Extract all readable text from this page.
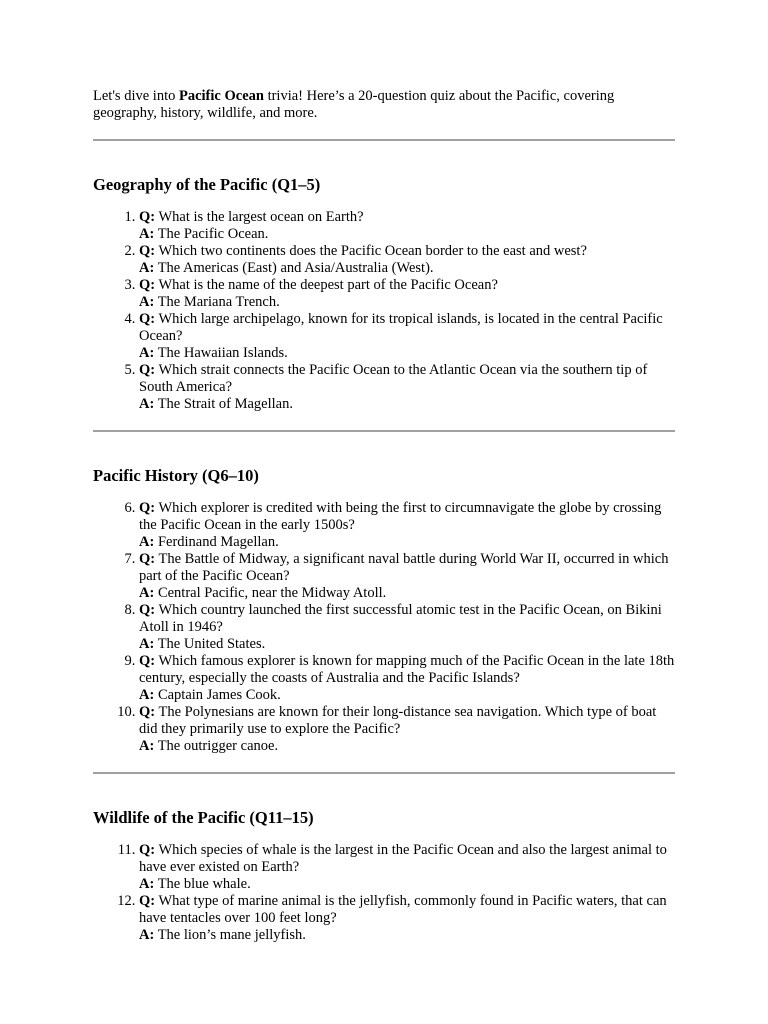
Let's dive into Pacific Ocean trivia! Here’s a 20-question quiz about the Pacific, covering geography, history, wildlife, and more.

Geography of the Pacific (Q1–5)
1. Q: What is the largest ocean on Earth?
A: The Pacific Ocean.
2. Q: Which two continents does the Pacific Ocean border to the east and west?
A: The Americas (East) and Asia/Australia (West).
3. Q: What is the name of the deepest part of the Pacific Ocean?
A: The Mariana Trench.
4. Q: Which large archipelago, known for its tropical islands, is located in the central Pacific Ocean?
A: The Hawaiian Islands.
5. Q: Which strait connects the Pacific Ocean to the Atlantic Ocean via the southern tip of South America?
A: The Strait of Magellan.
Pacific History (Q6–10)
6. Q: Which explorer is credited with being the first to circumnavigate the globe by crossing the Pacific Ocean in the early 1500s?
A: Ferdinand Magellan.
7. Q: The Battle of Midway, a significant naval battle during World War II, occurred in which part of the Pacific Ocean?
A: Central Pacific, near the Midway Atoll.
8. Q: Which country launched the first successful atomic test in the Pacific Ocean, on Bikini Atoll in 1946?
A: The United States.
9. Q: Which famous explorer is known for mapping much of the Pacific Ocean in the late 18th century, especially the coasts of Australia and the Pacific Islands?
A: Captain James Cook.
10. Q: The Polynesians are known for their long-distance sea navigation. Which type of boat did they primarily use to explore the Pacific?
A: The outrigger canoe.
Wildlife of the Pacific (Q11–15)
11. Q: Which species of whale is the largest in the Pacific Ocean and also the largest animal to have ever existed on Earth?
A: The blue whale.
12. Q: What type of marine animal is the jellyfish, commonly found in Pacific waters, that can have tentacles over 100 feet long?
A: The lion’s mane jellyfish.
